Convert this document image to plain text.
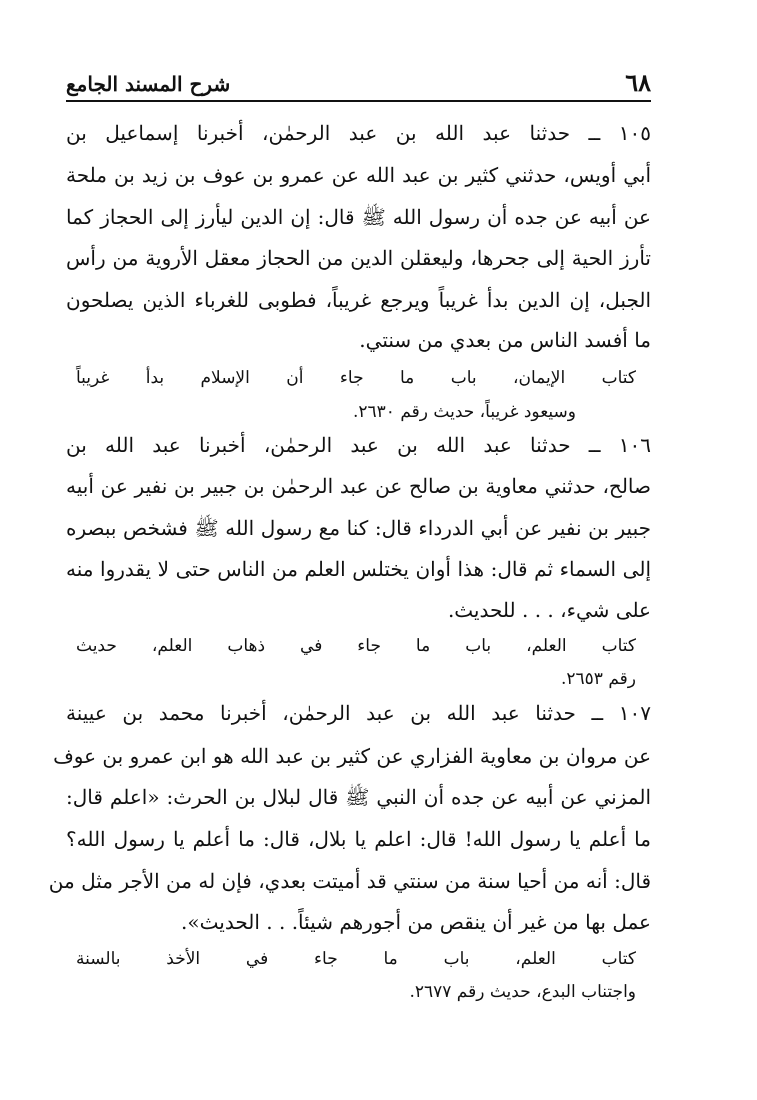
٦٨
شرح المسند الجامع
١٠٥ ــ حدثنا عبد الله بن عبد الرحمٰن، أخبرنا إسماعيل بن
أبي أويس، حدثني كثير بن عبد الله عن عمرو بن عوف بن زيد بن ملحة
عن أبيه عن جده أن رسول الله ﷺ قال: إن الدين ليأرز إلى الحجاز كما
تأرز الحية إلى جحرها، وليعقلن الدين من الحجاز معقل الأروية من رأس
الجبل، إن الدين بدأ غريباً ويرجع غريباً، فطوبى للغرباء الذين يصلحون
ما أفسد الناس من بعدي من سنتي.
كتاب الإيمان، باب ما جاء أن الإسلام بدأ غريباً
وسيعود غريباً، حديث رقم ٢٦٣٠.
١٠٦ ــ حدثنا عبد الله بن عبد الرحمٰن، أخبرنا عبد الله بن
صالح، حدثني معاوية بن صالح عن عبد الرحمٰن بن جبير بن نفير عن أبيه
جبير بن نفير عن أبي الدرداء قال: كنا مع رسول الله ﷺ فشخص ببصره
إلى السماء ثم قال: هذا أوان يختلس العلم من الناس حتى لا يقدروا منه
على شيء، . . . للحديث.
كتاب العلم، باب ما جاء في ذهاب العلم، حديث
رقم ٢٦٥٣.
١٠٧ ــ حدثنا عبد الله بن عبد الرحمٰن، أخبرنا محمد بن عيينة
عن مروان بن معاوية الفزاري عن كثير بن عبد الله هو ابن عمرو بن عوف
المزني عن أبيه عن جده أن النبي ﷺ قال لبلال بن الحرث: «اعلم قال:
ما أعلم يا رسول الله! قال: اعلم يا بلال، قال: ما أعلم يا رسول الله؟
قال: أنه من أحيا سنة من سنتي قد أميتت بعدي، فإن له من الأجر مثل من
عمل بها من غير أن ينقص من أجورهم شيئاً. . . الحديث».
كتاب العلم، باب ما جاء في الأخذ بالسنة
واجتناب البدع، حديث رقم ٢٦٧٧.
